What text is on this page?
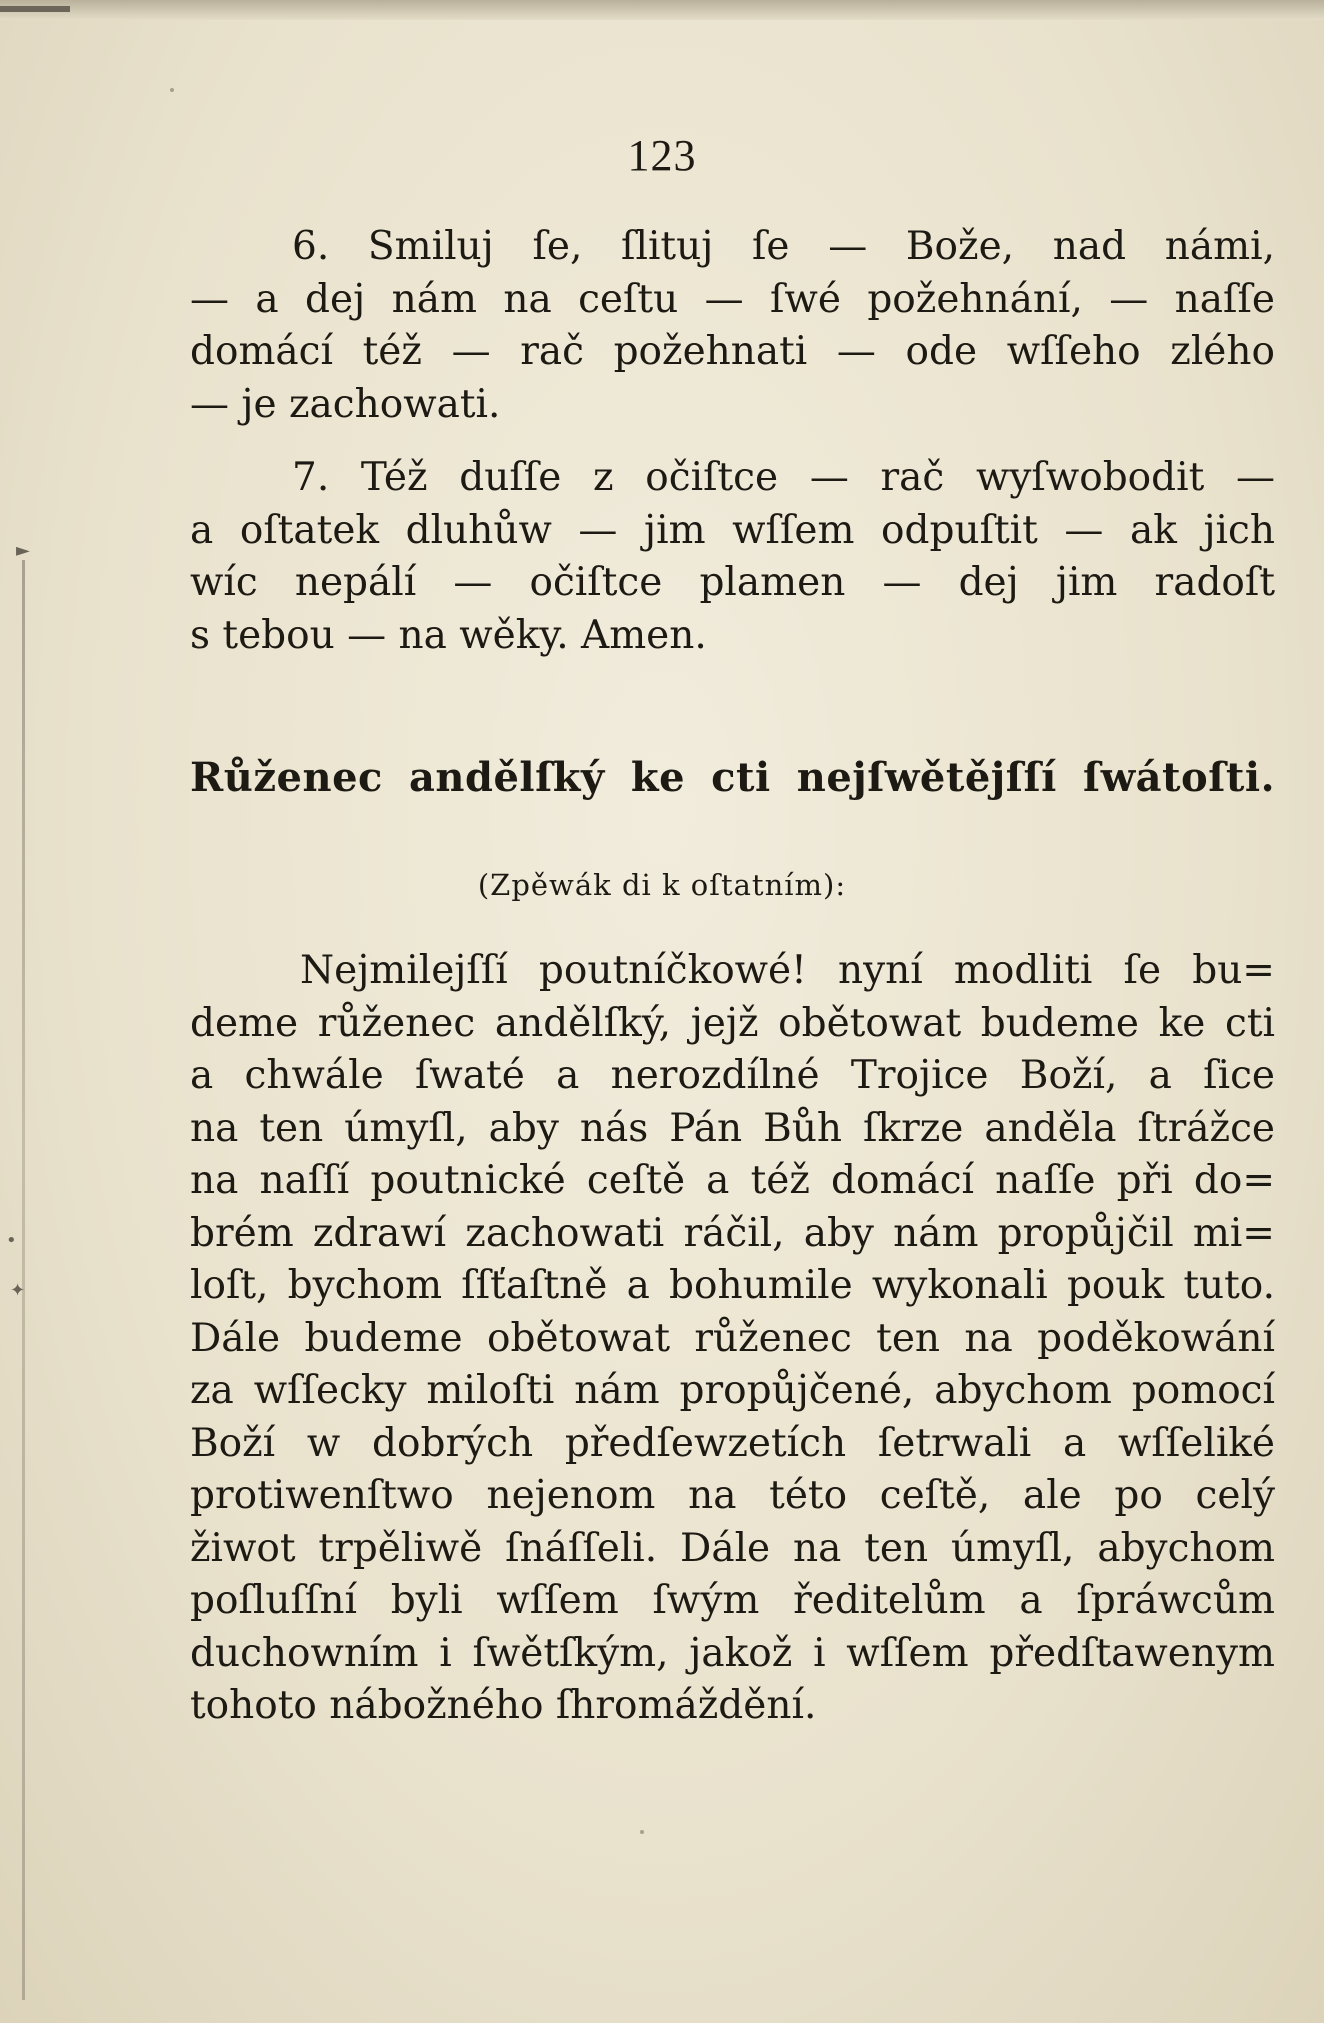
►
•
✦
123
6. Smiluj ſe, ſlituj ſe — Bože, nad námi,
— a dej nám na ceſtu — ſwé požehnání, — naſſe
domácí též — rač požehnati — ode wſſeho zlého
— je zachowati.
7. Též duſſe z očiſtce — rač wyſwobodit —
a oſtatek dluhůw — jim wſſem odpuſtit — ak jich
wíc nepálí — očiſtce plamen — dej jim radoſt
s tebou — na wěky. Amen.
Růženec andělſký ke cti nejſwětějſſí ſwátoſti.
(Zpěwák di k oſtatním):
Nejmilejſſí poutníčkowé! nyní modliti ſe bu=
deme růženec andělſký, jejž obětowat budeme ke cti
a chwále ſwaté a nerozdílné Trojice Boží, a ſice
na ten úmyſl, aby nás Pán Bůh ſkrze anděla ſtrážce
na naſſí poutnické ceſtě a též domácí naſſe při do=
brém zdrawí zachowati ráčil, aby nám propůjčil mi=
loſt, bychom ſſťaſtně a bohumile wykonali pouk tuto.
Dále budeme obětowat růženec ten na poděkowání
za wſſecky miloſti nám propůjčené, abychom pomocí
Boží w dobrých předſewzetích ſetrwali a wſſeliké
protiwenſtwo nejenom na této ceſtě, ale po celý
žiwot trpěliwě ſnáſſeli. Dále na ten úmyſl, abychom
poſluſſní byli wſſem ſwým ředitelům a ſpráwcům
duchowním i ſwětſkým, jakož i wſſem předſtawenym
tohoto nábožného ſhromáždění.
